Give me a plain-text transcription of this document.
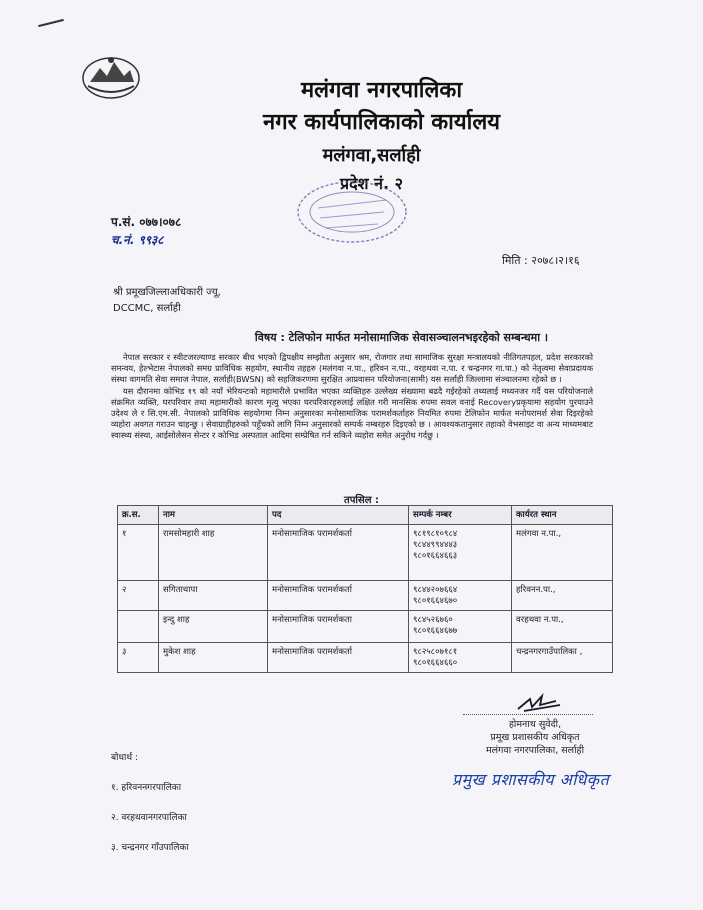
मलंगवा नगरपालिका
नगर कार्यपालिकाको कार्यालय
मलंगवा,सर्लाही
प्रदेश नं. २
प.सं. ०७७।०७८
च.नं. ९९३८
मिति : २०७८।२।१६
श्री प्रमूखजिल्लाअधिकारी ज्यू,
DCCMC, सर्लाही
विषय : टेलिफोन मार्फत मनोसामाजिक सेवासञ्चालनभइरहेको सम्बन्धमा ।

नेपाल सरकार र स्वीटजरल्याण्ड सरकार बीच भएको द्विपक्षीय सम्झौता अनुसार श्रम, रोजगार तथा सामाजिक सुरक्षा मन्त्रालयको नीतिगतपहल, प्रदेश सरकारको समन्वय, हेल्भेटास नेपालको समग्र प्राविधिक सहयोग, स्थानीय तहहरु (मलंगवा न.पा., हरिवन न.पा., वरहथवा न.पा. र चन्द्रनगर गा.पा.) को नेतृत्वमा सेवाप्रदायक संस्था वागमति सेवा समाज नेपाल, सर्लाही(BWSN) को सहजिकरणमा सुरक्षित आप्रवासन परियोजना(सामी) यस सर्लाही जिल्लामा संञ्चालनमा रहेको छ ।

यस दौरानमा कोभिड १९ को नयाँ भेरियन्टको महामारीले प्रभावित भएका व्यक्तिहरु उल्लेख्य संख्यामा बढदै गईरहेको तथ्यलाई मध्यनजर गर्दै यस परियोजनाले संक्रमित व्यक्ति, घरपरिवार तथा महामारीको कारण मृत्यु भएका घरपरिवारहरुलाई लक्षित गरी मानसिक रुपमा सवल वनाई Recoveryप्रकृयामा सहयोग पुरयाउने उदेश्य ले र सि.एम.सी. नेपालको प्राविधिक सहयोगमा निम्न अनुसारका मनोसामाजिक परामर्शकर्ताहरु नियमित रुपमा टेलिफोन मार्फत मनोपरामर्श सेवा दिइरहेको व्यहोरा अवगत गराउन चाहन्छु । सेवाग्राहीहरुको पहुँचको लागि निम्न अनुसारको सम्पर्क नम्बरहरु दिइएको छ । आवश्यकतानुसार तहाको वेभसाइट वा अन्य माध्यमबाट स्वास्थ्य संस्था, आईसोलेसन सेन्टर र कोभिड अस्पताल आदिमा सम्प्रेषित गर्न सकिने व्यहोरा समेत अनुरोध गर्दछु ।

तपसिल :
क्र.स.	नाम	पद	सम्पर्क नम्बर	कार्यरत स्थान
१	रामसोमहारी शाह	मनोसामाजिक परामर्शकर्ता	९८१९८१०९८४
९८४४९९४४४३
९८०१६६४६६३	मलंगवा न.पा.,
२	सगिताथापा	मनोसामाजिक परामर्शकर्ता	९८४४२०७६६४
९८०१६६४६७०	हरिवनन.पा.,
	इन्दु शाह	मनोसामाजिक परामर्शकता	९८४५२६७६०
९८०१६६४६७७	वरहथवा न.पा.,
३	मुकेश शाह	मनोसामाजिक परामर्शकर्ता	९८२५८०७१८१
९८०१६६४६६०	चन्द्रनगरगाउँपालिका ,
होमनाथ सुवेदी,
प्रमूख प्रशासकीय अधिकृत
मलंगवा नगरपालिका, सर्लाही
प्रमुख प्रशासकीय अधिकृत
बोधार्थ :
१. हरिवननगरपालिका
२. वरहथवानगरपालिका
३. चन्द्रनगर गाँउपालिका
